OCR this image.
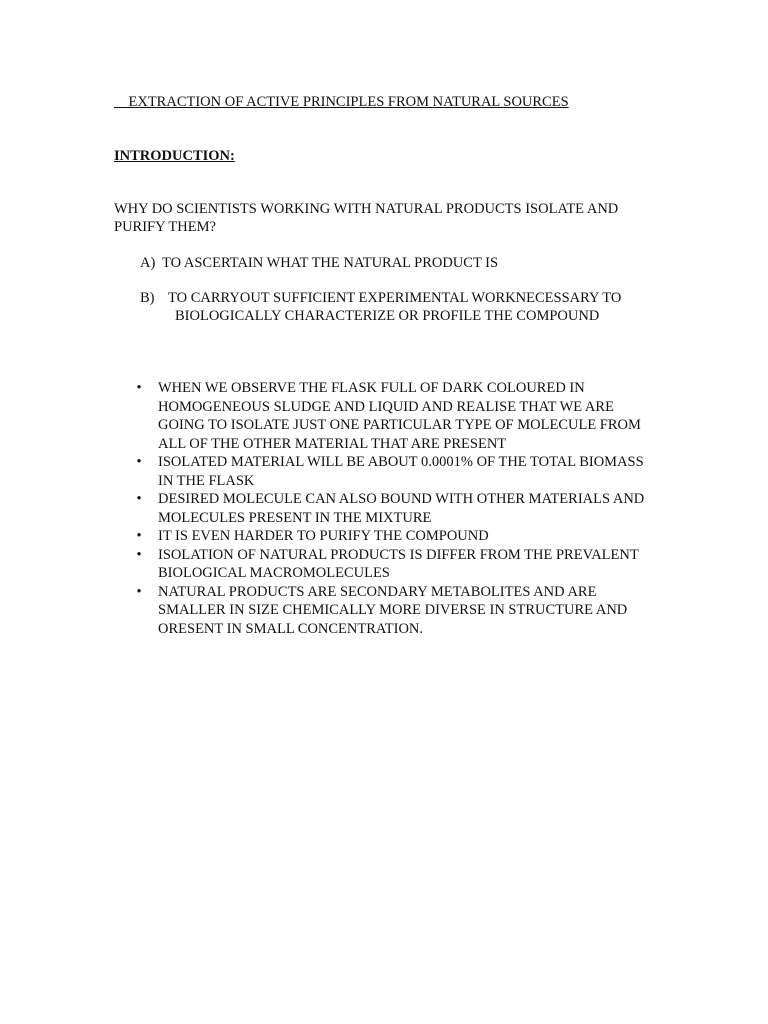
EXTRACTION OF ACTIVE PRINCIPLES FROM NATURAL SOURCES
INTRODUCTION:
WHY DO SCIENTISTS WORKING WITH NATURAL PRODUCTS ISOLATE AND PURIFY THEM?
A) TO ASCERTAIN WHAT THE NATURAL PRODUCT IS
B) TO CARRYOUT SUFFICIENT EXPERIMENTAL WORKNECESSARY TO
BIOLOGICALLY CHARACTERIZE OR PROFILE THE COMPOUND
• WHEN WE OBSERVE THE FLASK FULL OF DARK COLOURED IN HOMOGENEOUS SLUDGE AND LIQUID AND REALISE THAT WE ARE GOING TO ISOLATE JUST ONE PARTICULAR TYPE OF MOLECULE FROM ALL OF THE OTHER MATERIAL THAT ARE PRESENT
• ISOLATED MATERIAL WILL BE ABOUT 0.0001% OF THE TOTAL BIOMASS IN THE FLASK
• DESIRED MOLECULE CAN ALSO BOUND WITH OTHER MATERIALS AND MOLECULES PRESENT IN THE MIXTURE
• IT IS EVEN HARDER TO PURIFY THE COMPOUND
• ISOLATION OF NATURAL PRODUCTS IS DIFFER FROM THE PREVALENT BIOLOGICAL MACROMOLECULES
• NATURAL PRODUCTS ARE SECONDARY METABOLITES AND ARE SMALLER IN SIZE CHEMICALLY MORE DIVERSE IN STRUCTURE AND ORESENT IN SMALL CONCENTRATION.
